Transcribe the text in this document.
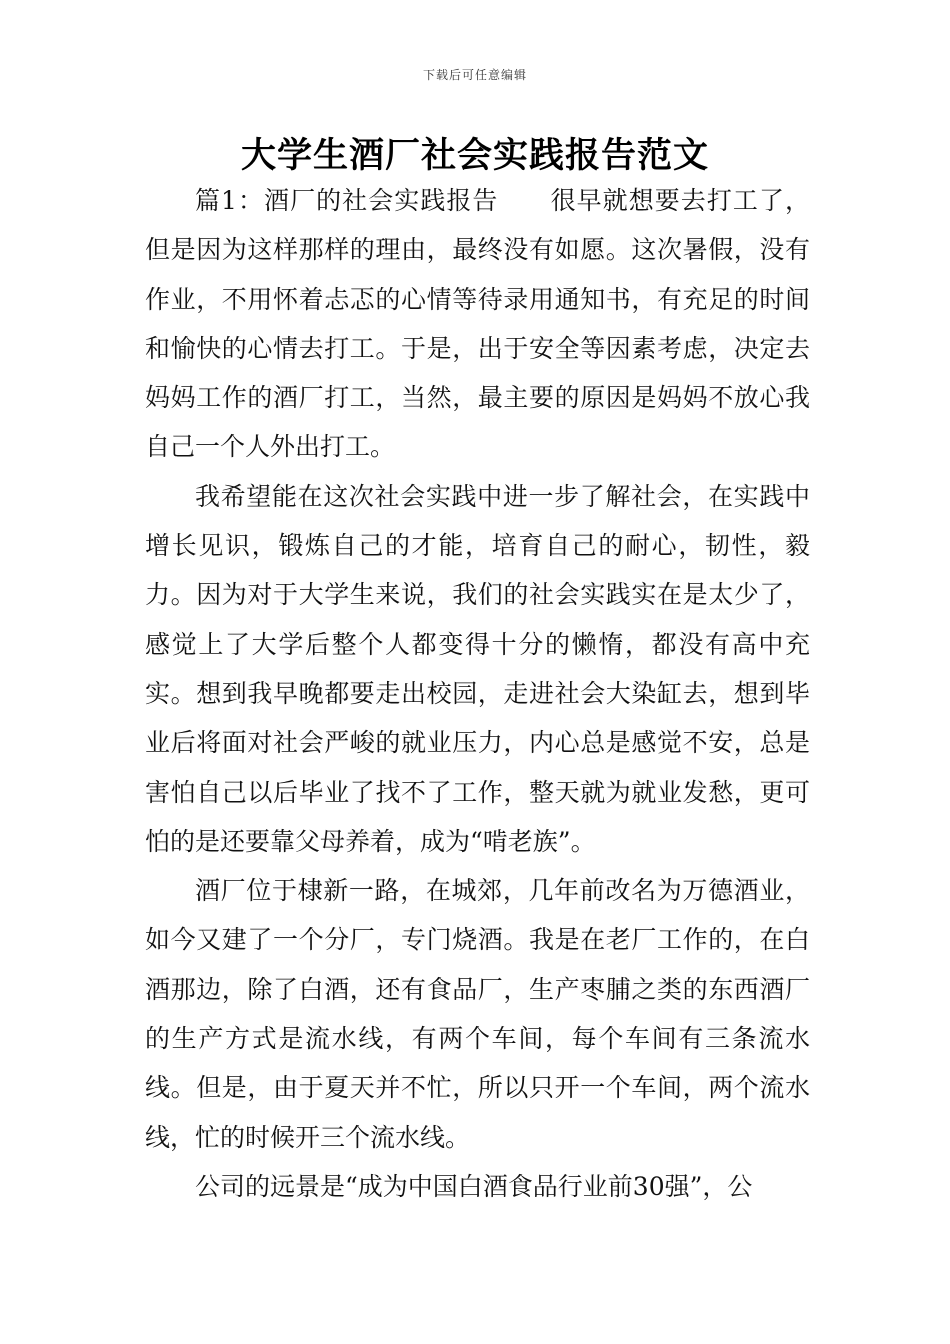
下载后可任意编辑
大学生酒厂社会实践报告范文

篇1：酒厂的社会实践报告　　很早就想要去打工了，但是因为这样那样的理由，最终没有如愿。这次暑假，没有作业，不用怀着忐忑的心情等待录用通知书，有充足的时间和愉快的心情去打工。于是，出于安全等因素考虑，决定去妈妈工作的酒厂打工，当然，最主要的原因是妈妈不放心我自己一个人外出打工。

我希望能在这次社会实践中进一步了解社会，在实践中增长见识，锻炼自己的才能，培育自己的耐心，韧性，毅力。因为对于大学生来说，我们的社会实践实在是太少了，感觉上了大学后整个人都变得十分的懒惰，都没有高中充实。想到我早晚都要走出校园，走进社会大染缸去，想到毕业后将面对社会严峻的就业压力，内心总是感觉不安，总是害怕自己以后毕业了找不了工作，整天就为就业发愁，更可怕的是还要靠父母养着，成为“啃老族”。

酒厂位于棣新一路，在城郊，几年前改名为万德酒业，如今又建了一个分厂，专门烧酒。我是在老厂工作的，在白酒那边，除了白酒，还有食品厂，生产枣脯之类的东西酒厂的生产方式是流水线，有两个车间，每个车间有三条流水线。但是，由于夏天并不忙，所以只开一个车间，两个流水线，忙的时候开三个流水线。

公司的远景是“成为中国白酒食品行业前30强”，公
